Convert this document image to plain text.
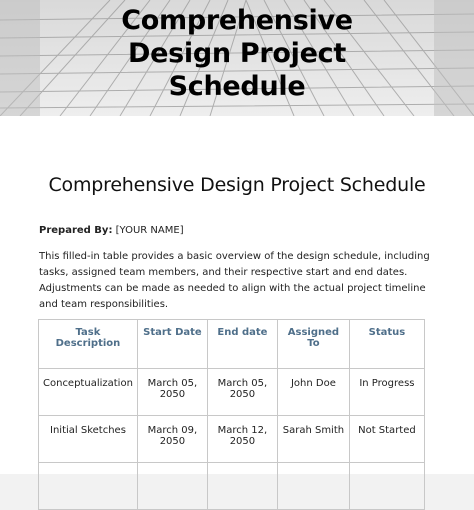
Comprehensive
Design Project
Schedule
Comprehensive Design Project Schedule
Prepared By: [YOUR NAME]
This filled-in table provides a basic overview of the design schedule, including tasks, assigned team members, and their respective start and end dates. Adjustments can be made as needed to align with the actual project timeline and team responsibilities.
Task Description	Start Date	End date	Assigned To	Status
Conceptualization	March 05, 2050	March 05, 2050	John Doe	In Progress
Initial Sketches	March 09, 2050	March 12, 2050	Sarah Smith	Not Started
